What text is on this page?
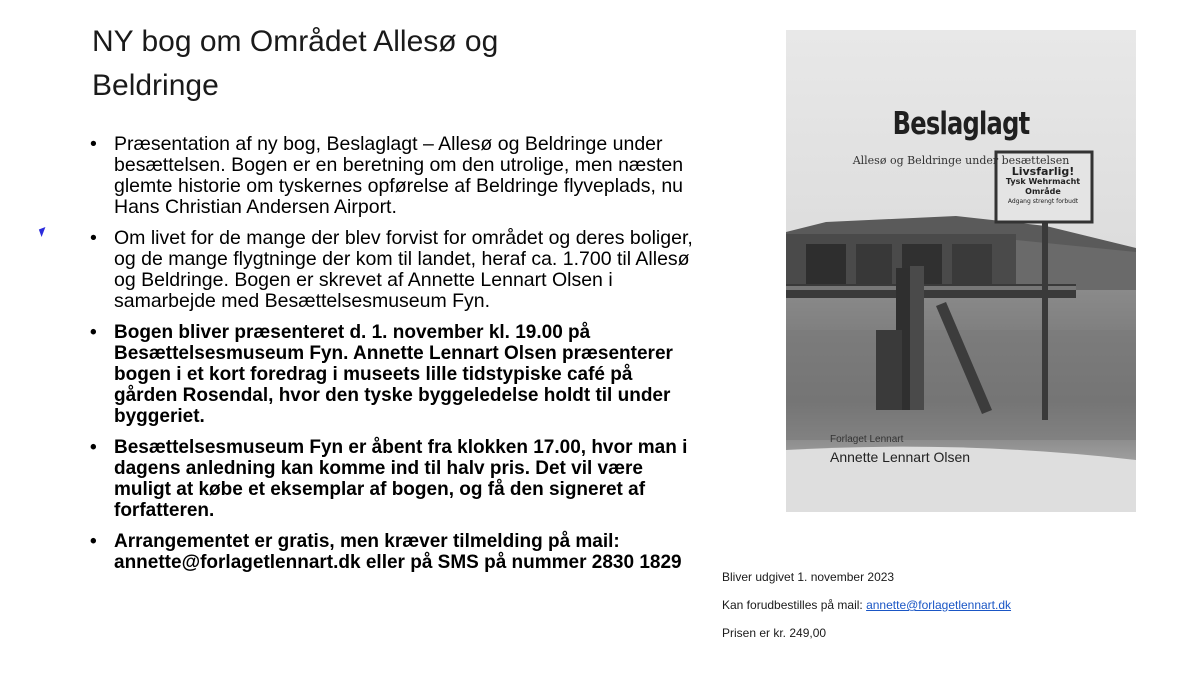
NY bog om Området Allesø og Beldringe
• Præsentation af ny bog, Beslaglagt – Allesø og Beldringe under besættelsen. Bogen er en beretning om den utrolige, men næsten glemte historie om tyskernes opførelse af Beldringe flyveplads, nu Hans Christian Andersen Airport.
• Om livet for de mange der blev forvist for området og deres boliger, og de mange flygtninge der kom til landet, heraf ca. 1.700 til Allesø og Beldringe. Bogen er skrevet af Annette Lennart Olsen i samarbejde med Besættelsesmuseum Fyn.
• Bogen bliver præsenteret d. 1. november kl. 19.00 på Besættelsesmuseum Fyn. Annette Lennart Olsen præsenterer bogen i et kort foredrag i museets lille tidstypiske café på gården Rosendal, hvor den tyske byggeledelse holdt til under byggeriet.
• Besættelsesmuseum Fyn er åbent fra klokken 17.00, hvor man i dagens anledning kan komme ind til halv pris. Det vil være muligt at købe et eksemplar af bogen, og få den signeret af forfatteren.
• Arrangementet er gratis, men kræver tilmelding på mail: annette@forlagetlennart.dk eller på SMS på nummer 2830 1829
Beslaglagt
Allesø og Beldringe under besættelsen
Livsfarlig!
Tysk Wehrmacht
Område
Adgang strengt forbudt
Forlaget Lennart
Annette Lennart Olsen
Bliver udgivet 1. november 2023
Kan forudbestilles på mail: annette@forlagetlennart.dk
Prisen er kr. 249,00
